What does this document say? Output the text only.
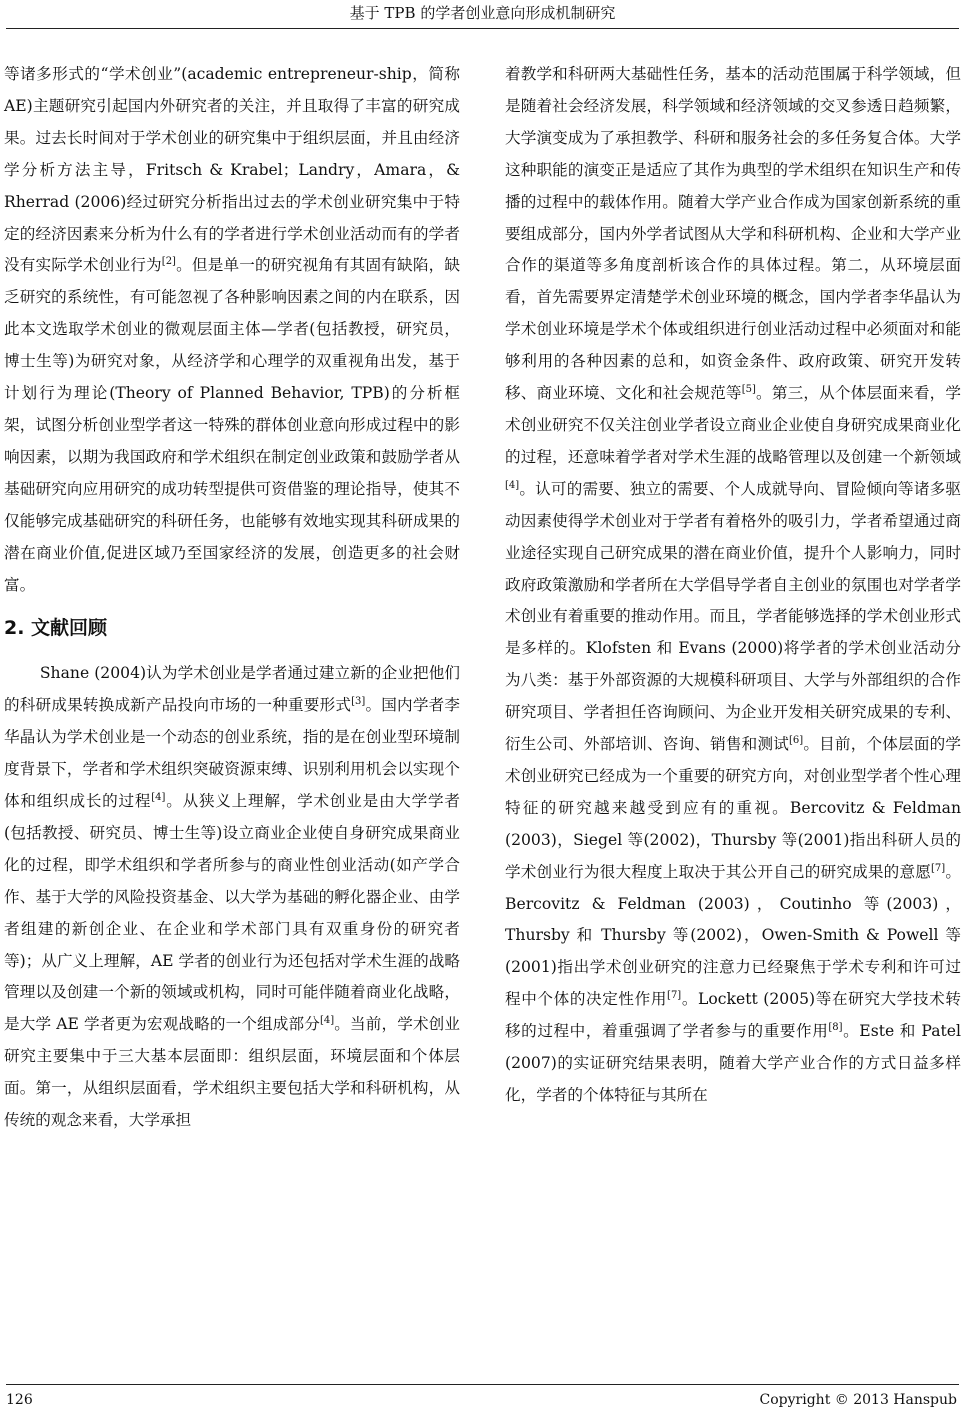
基于 TPB 的学者创业意向形成机制研究

等诸多形式的“学术创业”(academic entrepreneur-ship，简称 AE)主题研究引起国内外研究者的关注，并且取得了丰富的研究成果。过去长时间对于学术创业的研究集中于组织层面，并且由经济学分析方法主导，Fritsch & Krabel；Landry，Amara，& Rherrad (2006)经过研究分析指出过去的学术创业研究集中于特定的经济因素来分析为什么有的学者进行学术创业活动而有的学者没有实际学术创业行为[2]。但是单一的研究视角有其固有缺陷，缺乏研究的系统性，有可能忽视了各种影响因素之间的内在联系，因此本文选取学术创业的微观层面主体—学者(包括教授，研究员，博士生等)为研究对象，从经济学和心理学的双重视角出发，基于计划行为理论(Theory of Planned Behavior, TPB)的分析框架，试图分析创业型学者这一特殊的群体创业意向形成过程中的影响因素，以期为我国政府和学术组织在制定创业政策和鼓励学者从基础研究向应用研究的成功转型提供可资借鉴的理论指导，使其不仅能够完成基础研究的科研任务，也能够有效地实现其科研成果的潜在商业价值,促进区域乃至国家经济的发展，创造更多的社会财富。

2. 文献回顾

Shane (2004)认为学术创业是学者通过建立新的企业把他们的科研成果转换成新产品投向市场的一种重要形式[3]。国内学者李华晶认为学术创业是一个动态的创业系统，指的是在创业型环境制度背景下，学者和学术组织突破资源束缚、识别利用机会以实现个体和组织成长的过程[4]。从狭义上理解，学术创业是由大学学者(包括教授、研究员、博士生等)设立商业企业使自身研究成果商业化的过程，即学术组织和学者所参与的商业性创业活动(如产学合作、基于大学的风险投资基金、以大学为基础的孵化器企业、由学者组建的新创企业、在企业和学术部门具有双重身份的研究者等)；从广义上理解，AE 学者的创业行为还包括对学术生涯的战略管理以及创建一个新的领域或机构，同时可能伴随着商业化战略，是大学 AE 学者更为宏观战略的一个组成部分[4]。当前，学术创业研究主要集中于三大基本层面即：组织层面，环境层面和个体层面。第一，从组织层面看，学术组织主要包括大学和科研机构，从传统的观念来看，大学承担

着教学和科研两大基础性任务，基本的活动范围属于科学领域，但是随着社会经济发展，科学领域和经济领域的交叉参透日趋频繁，大学演变成为了承担教学、科研和服务社会的多任务复合体。大学这种职能的演变正是适应了其作为典型的学术组织在知识生产和传播的过程中的载体作用。随着大学产业合作成为国家创新系统的重要组成部分，国内外学者试图从大学和科研机构、企业和大学产业合作的渠道等多角度剖析该合作的具体过程。第二，从环境层面看，首先需要界定清楚学术创业环境的概念，国内学者李华晶认为学术创业环境是学术个体或组织进行创业活动过程中必须面对和能够利用的各种因素的总和，如资金条件、政府政策、研究开发转移、商业环境、文化和社会规范等[5]。第三，从个体层面来看，学术创业研究不仅关注创业学者设立商业企业使自身研究成果商业化的过程，还意味着学者对学术生涯的战略管理以及创建一个新领域[4]。认可的需要、独立的需要、个人成就导向、冒险倾向等诸多驱动因素使得学术创业对于学者有着格外的吸引力，学者希望通过商业途径实现自己研究成果的潜在商业价值，提升个人影响力，同时政府政策激励和学者所在大学倡导学者自主创业的氛围也对学者学术创业有着重要的推动作用。而且，学者能够选择的学术创业形式是多样的。Klofsten 和 Evans (2000)将学者的学术创业活动分为八类：基于外部资源的大规模科研项目、大学与外部组织的合作研究项目、学者担任咨询顾问、为企业开发相关研究成果的专利、衍生公司、外部培训、咨询、销售和测试[6]。目前，个体层面的学术创业研究已经成为一个重要的研究方向，对创业型学者个性心理特征的研究越来越受到应有的重视。Bercovitz & Feldman (2003)，Siegel 等(2002)，Thursby 等(2001)指出科研人员的学术创业行为很大程度上取决于其公开自己的研究成果的意愿[7]。Bercovitz & Feldman (2003)，Coutinho 等(2003)，Thursby 和 Thursby 等(2002)，Owen-Smith & Powell 等(2001)指出学术创业研究的注意力已经聚焦于学术专利和许可过程中个体的决定性作用[7]。Lockett (2005)等在研究大学技术转移的过程中，着重强调了学者参与的重要作用[8]。Este 和 Patel (2007)的实证研究结果表明，随着大学产业合作的方式日益多样化，学者的个体特征与其所在

126	Copyright © 2013 Hanspub
